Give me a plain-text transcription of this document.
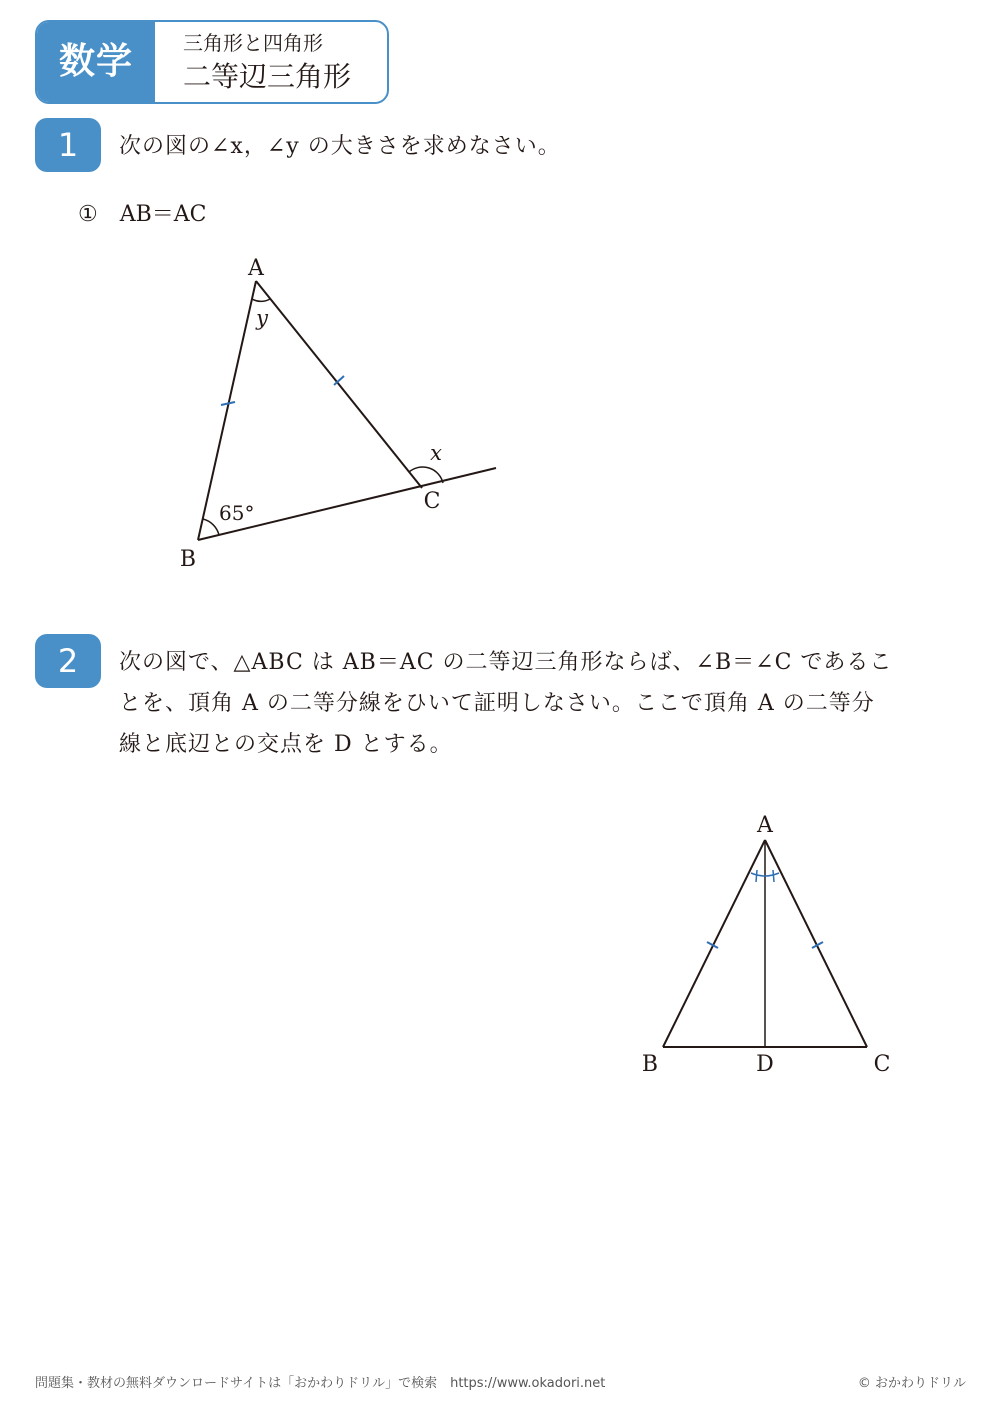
数学	三角形と四角形
二等辺三角形
1	次の図の∠x，∠y の大きさを求めなさい。
①　AB＝AC
A
B
C
y
x
65°
2	次の図で、△ABC は AB＝AC の二等辺三角形ならば、∠B＝∠C であるこ
とを、頂角 A の二等分線をひいて証明しなさい。ここで頂角 A の二等分
線と底辺との交点を D とする。
A
B	C
D
問題集・教材の無料ダウンロードサイトは「おかわりドリル」で検索　https://www.okadori.net	© おかわりドリル
